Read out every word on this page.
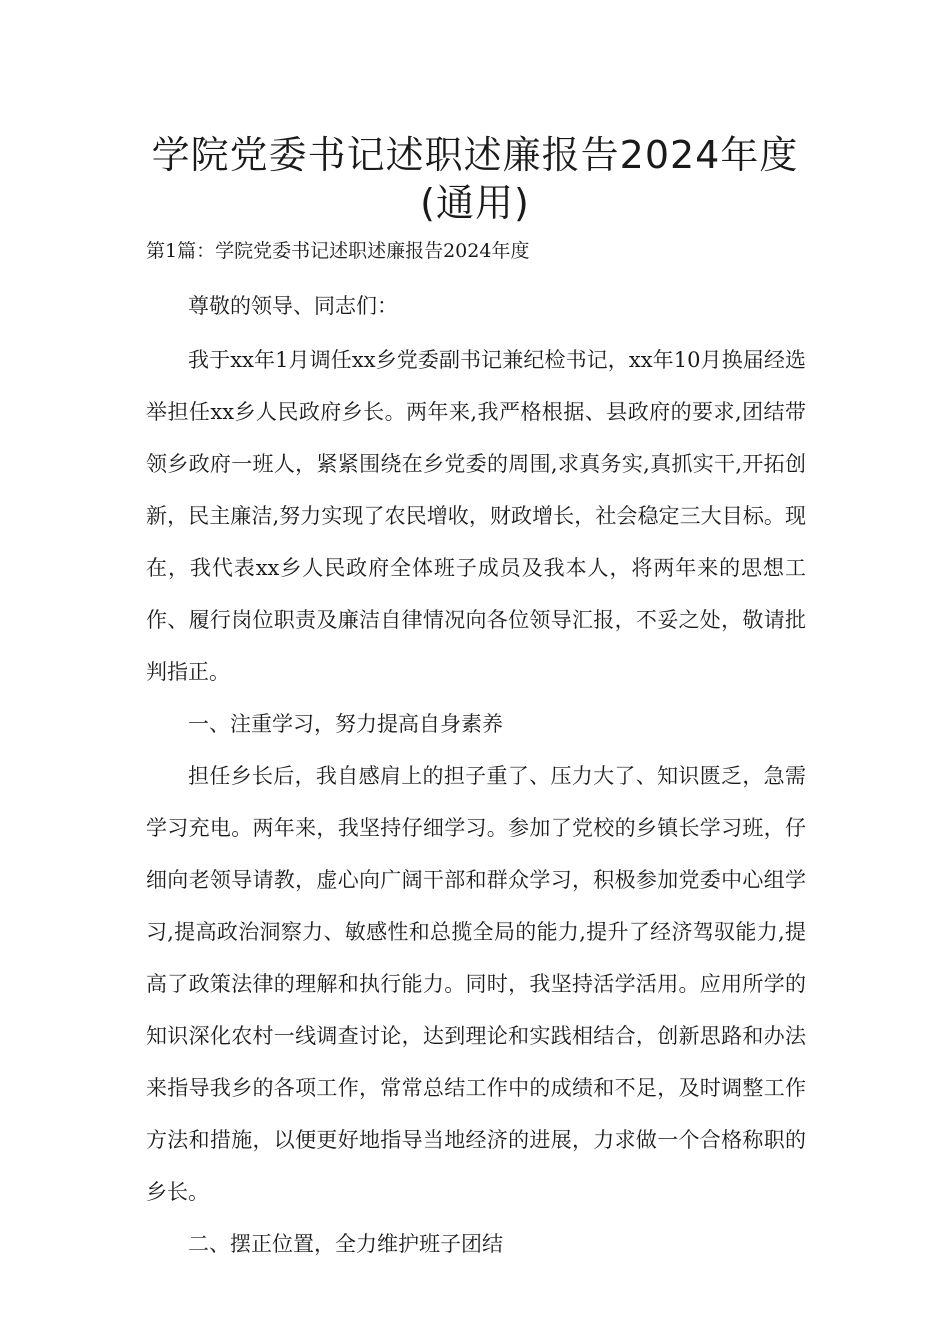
学院党委书记述职述廉报告2024年度
(通用)

第1篇：学院党委书记述职述廉报告2024年度

尊敬的领导、同志们：

我于xx年1月调任xx乡党委副书记兼纪检书记，xx年10月换届经选举担任xx乡人民政府乡长。两年来,我严格根据、县政府的要求,团结带领乡政府一班人，紧紧围绕在乡党委的周围,求真务实,真抓实干,开拓创新，民主廉洁,努力实现了农民增收，财政增长，社会稳定三大目标。现在，我代表xx乡人民政府全体班子成员及我本人，将两年来的思想工作、履行岗位职责及廉洁自律情况向各位领导汇报，不妥之处，敬请批判指正。

一、注重学习，努力提高自身素养

担任乡长后，我自感肩上的担子重了、压力大了、知识匮乏，急需学习充电。两年来，我坚持仔细学习。参加了党校的乡镇长学习班，仔细向老领导请教，虚心向广阔干部和群众学习，积极参加党委中心组学习,提高政治洞察力、敏感性和总揽全局的能力,提升了经济驾驭能力,提高了政策法律的理解和执行能力。同时，我坚持活学活用。应用所学的知识深化农村一线调查讨论，达到理论和实践相结合，创新思路和办法来指导我乡的各项工作，常常总结工作中的成绩和不足，及时调整工作方法和措施，以便更好地指导当地经济的进展，力求做一个合格称职的乡长。

二、摆正位置，全力维护班子团结
